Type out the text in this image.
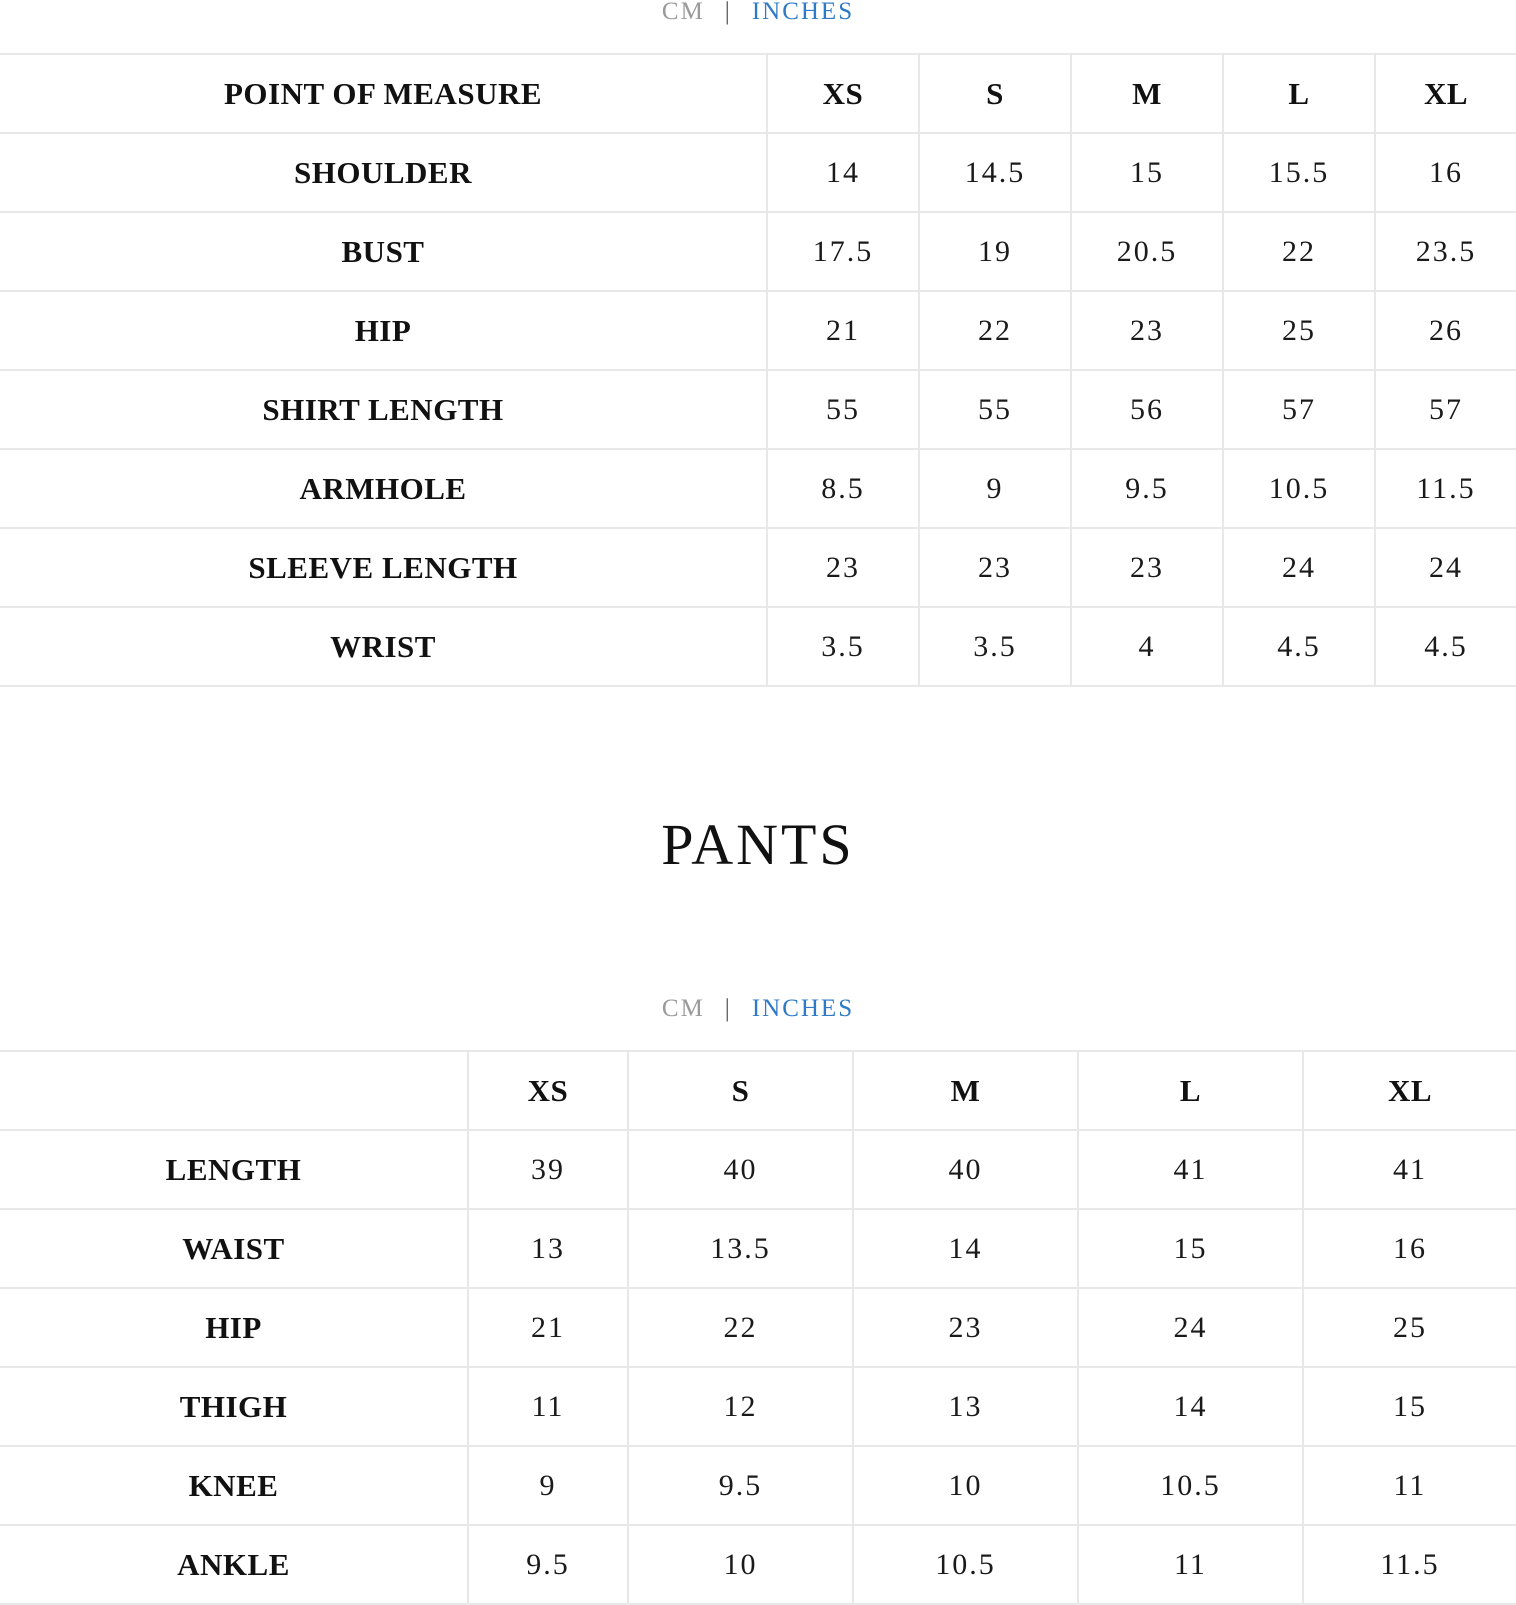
CM | INCHES
POINT OF MEASURE	XS	S	M	L	XL
SHOULDER	14	14.5	15	15.5	16
BUST	17.5	19	20.5	22	23.5
HIP	21	22	23	25	26
SHIRT LENGTH	55	55	56	57	57
ARMHOLE	8.5	9	9.5	10.5	11.5
SLEEVE LENGTH	23	23	23	24	24
WRIST	3.5	3.5	4	4.5	4.5
PANTS
CM | INCHES
	XS	S	M	L	XL
LENGTH	39	40	40	41	41
WAIST	13	13.5	14	15	16
HIP	21	22	23	24	25
THIGH	11	12	13	14	15
KNEE	9	9.5	10	10.5	11
ANKLE	9.5	10	10.5	11	11.5
